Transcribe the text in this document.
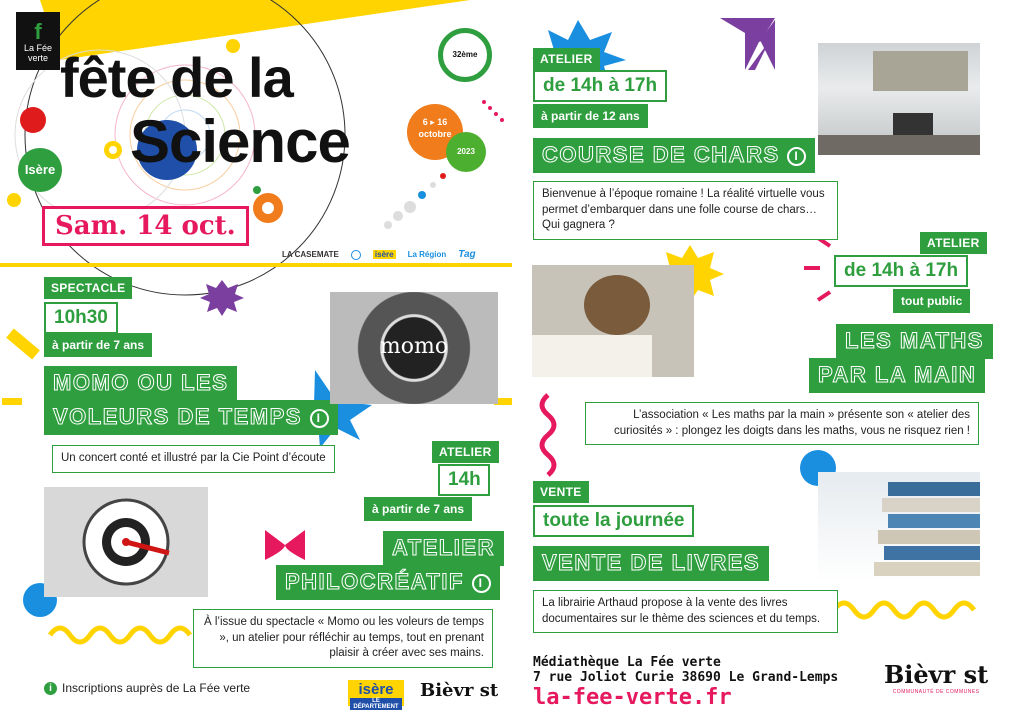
f
La Fée verte fête de la
Science
32ème
6 ▸ 16
octobre
2023
Isère
Sam. 14 oct.
LA CASEMATE	isère La Région Tag
SPECTACLE
10h30
à partir de 7 ans
MOMO OU LES
VOLEURS DE TEMPS I
Un concert conté et illustré par la Cie Point d’écoute
momo
ATELIER
14h
à partir de 7 ans
ATELIER
PHILOCRÉATIF I
À l’issue du spectacle « Momo ou les voleurs de temps », un atelier pour réfléchir au temps, tout en prenant plaisir à créer avec ses mains.
i Inscriptions auprès de La Fée verte	isère
LE DÉPARTEMENT
Bièvr st
ATELIER
de 14h à 17h
à partir de 12 ans
COURSE DE CHARS I
Bienvenue à l’époque romaine ! La réalité virtuelle vous permet d’embarquer dans une folle course de chars… Qui gagnera ?
ATELIER
de 14h à 17h
tout public
LES MATHS
PAR LA MAIN
L’association « Les maths par la main » présente son « atelier des curiosités » : plongez les doigts dans les maths, vous ne risquez rien !
VENTE
toute la journée
VENTE DE LIVRES
La librairie Arthaud propose à la vente des livres documentaires sur le thème des sciences et du temps.
Médiathèque La Fée verte
7 rue Joliot Curie 38690 Le Grand-Lemps
la-fee-verte.fr
Bièvr st
COMMUNAUTÉ DE COMMUNES
